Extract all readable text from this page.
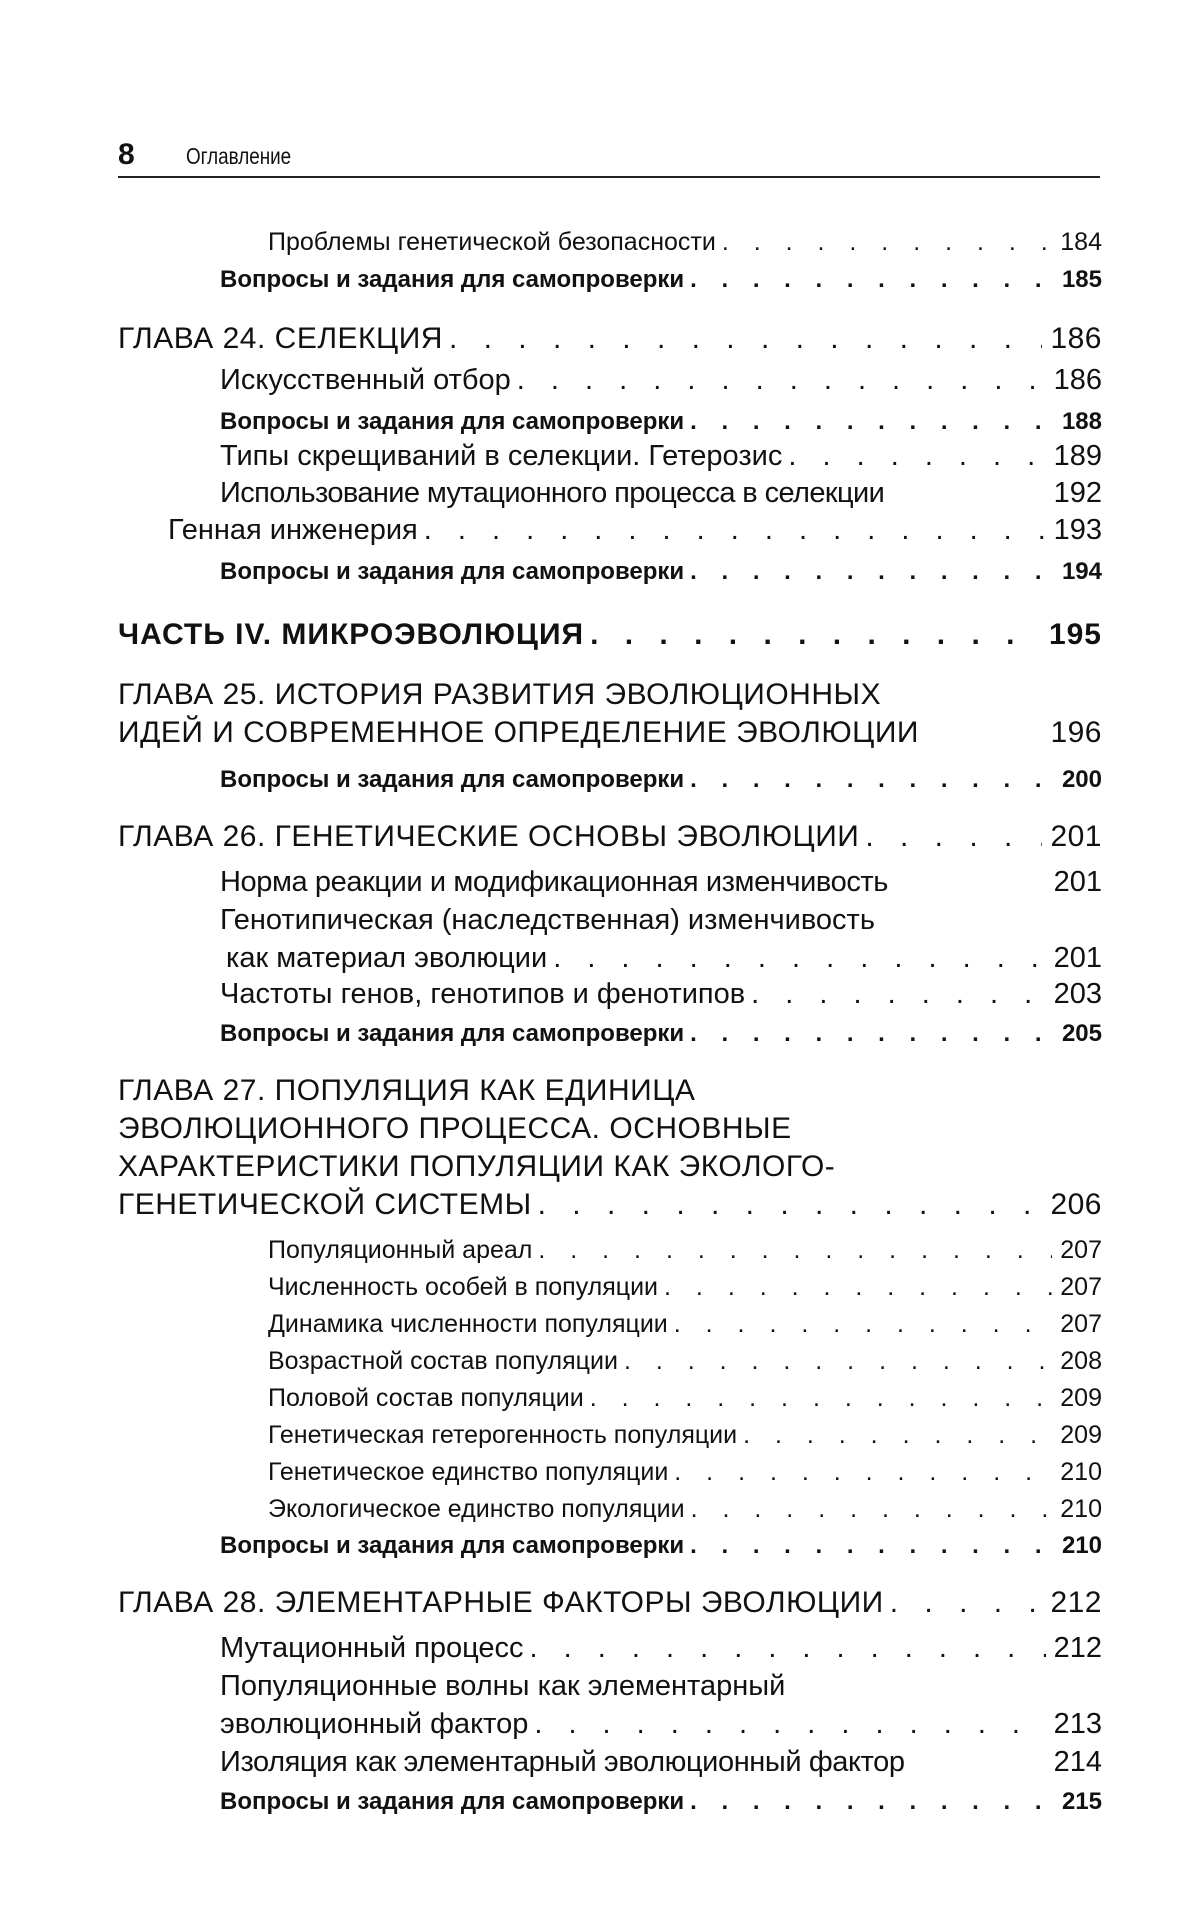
8 Оглавление
Проблемы генетической безопасности . . .	184
Вопросы и задания для самопроверки . . .	185
ГЛАВА 24. СЕЛЕКЦИЯ . . .	186
Искусственный отбор . . .	186
Вопросы и задания для самопроверки . . .	188
Типы скрещиваний в селекции. Гетерозис . . .	189
Использование мутационного процесса в селекции	192
Генная инженерия . . .	193
Вопросы и задания для самопроверки . . .	194
ЧАСТЬ IV. МИКРОЭВОЛЮЦИЯ . . .	195
ГЛАВА 25. ИСТОРИЯ РАЗВИТИЯ ЭВОЛЮЦИОННЫХ
ИДЕЙ И СОВРЕМЕННОЕ ОПРЕДЕЛЕНИЕ ЭВОЛЮЦИИ	196
Вопросы и задания для самопроверки . . .	200
ГЛАВА 26. ГЕНЕТИЧЕСКИЕ ОСНОВЫ ЭВОЛЮЦИИ . . .	201
Норма реакции и модификационная изменчивость	201
Генотипическая (наследственная) изменчивость
как материал эволюции . . .	201
Частоты генов, генотипов и фенотипов . . .	203
Вопросы и задания для самопроверки . . .	205
ГЛАВА 27. ПОПУЛЯЦИЯ КАК ЕДИНИЦА
ЭВОЛЮЦИОННОГО ПРОЦЕССА. ОСНОВНЫЕ
ХАРАКТЕРИСТИКИ ПОПУЛЯЦИИ КАК ЭКОЛОГО-
ГЕНЕТИЧЕСКОЙ СИСТЕМЫ . . .	206
Популяционный ареал . . .	207
Численность особей в популяции . . .	207
Динамика численности популяции . . .	207
Возрастной состав популяции . . .	208
Половой состав популяции . . .	209
Генетическая гетерогенность популяции . . .	209
Генетическое единство популяции . . .	210
Экологическое единство популяции . . .	210
Вопросы и задания для самопроверки . . .	210
ГЛАВА 28. ЭЛЕМЕНТАРНЫЕ ФАКТОРЫ ЭВОЛЮЦИИ . . .	212
Мутационный процесс . . .	212
Популяционные волны как элементарный
эволюционный фактор . . .	213
Изоляция как элементарный эволюционный фактор	214
Вопросы и задания для самопроверки . . .	215
